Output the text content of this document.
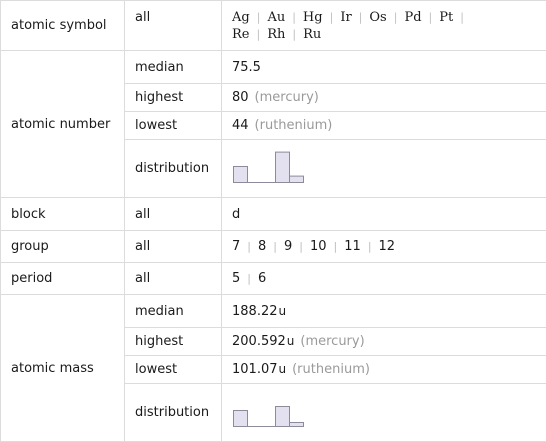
atomic symbol	all	Ag | Au | Hg | Ir | Os | Pd | Pt |
Re | Rh | Ru
atomic number	median	75.5
	highest	80 (mercury)
	lowest	44 (ruthenium)
	distribution	

block	all	d
group	all	7 | 8 | 9 | 10 | 11 | 12
period	all	5 | 6
atomic mass	median	188.22u
	highest	200.592u (mercury)
	lowest	101.07u (ruthenium)
	distribution	
